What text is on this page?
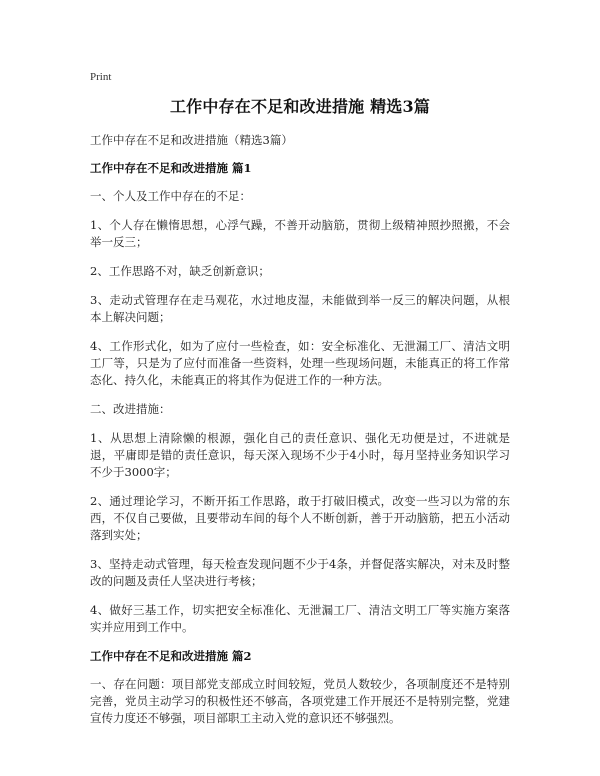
Print
工作中存在不足和改进措施 精选3篇
工作中存在不足和改进措施（精选3篇）
工作中存在不足和改进措施 篇1

一、个人及工作中存在的不足：

1、个人存在懒惰思想，心浮气躁，不善开动脑筋，贯彻上级精神照抄照搬，不会举一反三；

2、工作思路不对，缺乏创新意识；

3、走动式管理存在走马观花，水过地皮湿，未能做到举一反三的解决问题，从根本上解决问题；

4、工作形式化，如为了应付一些检查，如：安全标准化、无泄漏工厂、清洁文明工厂等，只是为了应付而准备一些资料，处理一些现场问题，未能真正的将工作常态化、持久化，未能真正的将其作为促进工作的一种方法。

二、改进措施：

1、从思想上清除懒的根源，强化自己的责任意识、强化无功便是过，不进就是退，平庸即是错的责任意识，每天深入现场不少于4小时，每月坚持业务知识学习不少于3000字；

2、通过理论学习，不断开拓工作思路，敢于打破旧模式，改变一些习以为常的东西，不仅自己要做，且要带动车间的每个人不断创新，善于开动脑筋，把五小活动落到实处；

3、坚持走动式管理，每天检查发现问题不少于4条，并督促落实解决，对未及时整改的问题及责任人坚决进行考核；

4、做好三基工作，切实把安全标准化、无泄漏工厂、清洁文明工厂等实施方案落实并应用到工作中。

工作中存在不足和改进措施 篇2

一、存在问题：项目部党支部成立时间较短，党员人数较少，各项制度还不是特别完善，党员主动学习的积极性还不够高，各项党建工作开展还不是特别完整，党建宣传力度还不够强，项目部职工主动入党的意识还不够强烈。
